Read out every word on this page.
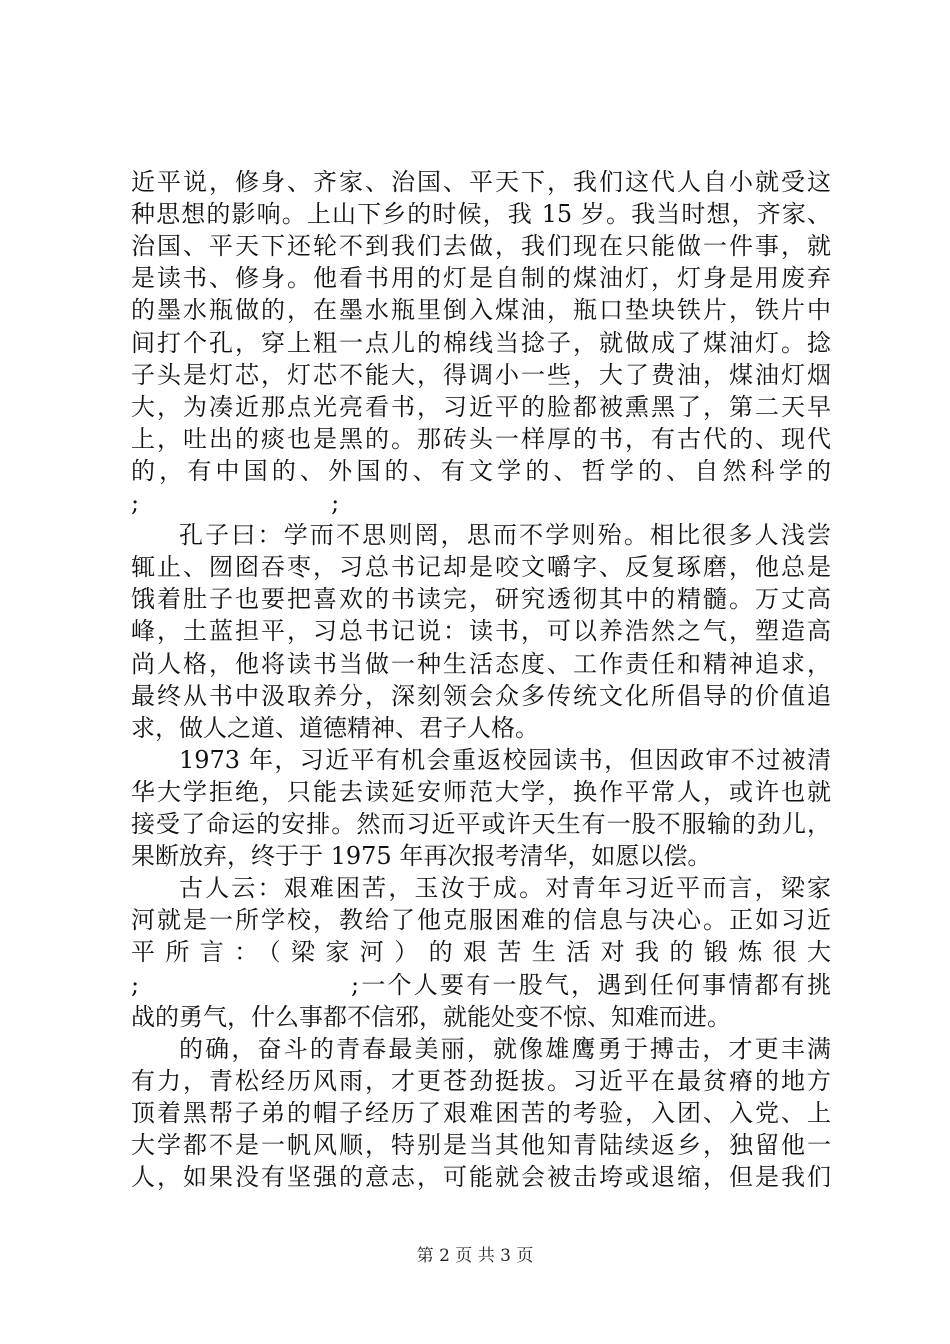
近平说，修身、齐家、治国、平天下，我们这代人自小就受这
种思想的影响。上山下乡的时候，我 15 岁。我当时想，齐家、
治国、平天下还轮不到我们去做，我们现在只能做一件事，就
是读书、修身。他看书用的灯是自制的煤油灯，灯身是用废弃
的墨水瓶做的，在墨水瓶里倒入煤油，瓶口垫块铁片，铁片中
间打个孔，穿上粗一点儿的棉线当捻子，就做成了煤油灯。捻
子头是灯芯，灯芯不能大，得调小一些，大了费油，煤油灯烟
大，为凑近那点光亮看书，习近平的脸都被熏黑了，第二天早
上，吐出的痰也是黑的。那砖头一样厚的书，有古代的、现代
的，有中国的、外国的、有文学的、哲学的、自然科学的
;　　　　　　　　;
孔子曰：学而不思则罔，思而不学则殆。相比很多人浅尝
辄止、囫囵吞枣，习总书记却是咬文嚼字、反复琢磨，他总是
饿着肚子也要把喜欢的书读完，研究透彻其中的精髓。万丈高
峰，土蓝担平，习总书记说：读书，可以养浩然之气，塑造高
尚人格，他将读书当做一种生活态度、工作责任和精神追求，
最终从书中汲取养分，深刻领会众多传统文化所倡导的价值追
求，做人之道、道德精神、君子人格。
1973 年，习近平有机会重返校园读书，但因政审不过被清
华大学拒绝，只能去读延安师范大学，换作平常人，或许也就
接受了命运的安排。然而习近平或许天生有一股不服输的劲儿，
果断放弃，终于于 1975 年再次报考清华，如愿以偿。
古人云：艰难困苦，玉汝于成。对青年习近平而言，梁家
河就是一所学校，教给了他克服困难的信息与决心。正如习近
平所言：（梁家河）的艰苦生活对我的锻炼很大
;　　　　　　　　;一个人要有一股气，遇到任何事情都有挑
战的勇气，什么事都不信邪，就能处变不惊、知难而进。
的确，奋斗的青春最美丽，就像雄鹰勇于搏击，才更丰满
有力，青松经历风雨，才更苍劲挺拔。习近平在最贫瘠的地方
顶着黑帮子弟的帽子经历了艰难困苦的考验，入团、入党、上
大学都不是一帆风顺，特别是当其他知青陆续返乡，独留他一
人，如果没有坚强的意志，可能就会被击垮或退缩，但是我们
第 2 页 共 3 页
